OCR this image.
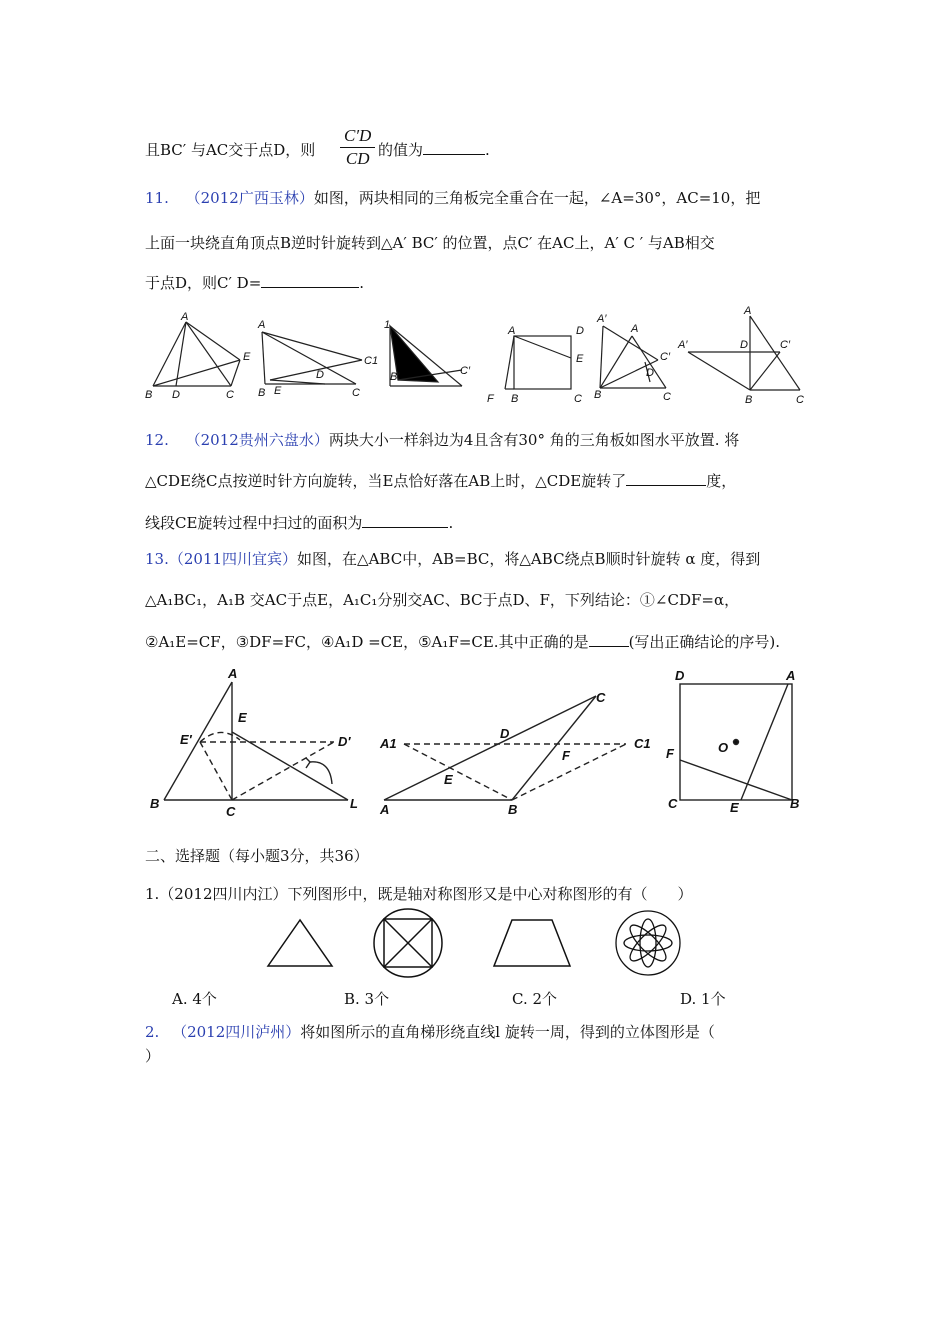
且BC′ 与AC交于点D，则
C′D
CD 的值为	.
11. （2012广西玉林）如图，两块相同的三角板完全重合在一起，∠A=30°，AC=10，把
上面一块绕直角顶点B逆时针旋转到△A′ BC′ 的位置，点C′ 在AC上，A′ C ′ 与AB相交
于点D，则C′ D=	.
A
B D	C
E
A
B
D
C
C1
E
1
B′	C′
A	D
E
F B	C
A′
A
C′
D
B	C
A
A′	D	C′
B	C
12. （2012贵州六盘水）两块大小一样斜边为4且含有30° 角的三角板如图水平放置. 将
△CDE绕C点按逆时针方向旋转，当E点恰好落在AB上时，△CDE旋转了	度，
线段CE旋转过程中扫过的面积为	.
13.（2011四川宜宾）如图，在△ABC中，AB=BC，将△ABC绕点B顺时针旋转 α 度，得到
△A₁BC₁，A₁B 交AC于点E，A₁C₁分别交AC、BC于点D、F，下列结论：①∠CDF=α，
②A₁E=CF，③DF=FC，④A₁D =CE，⑤A₁F=CE.其中正确的是	(写出正确结论的序号).
A
E
E′	D′
B
C
L
C
D
A1	C1
F
E
A	B
D	A
O
F
C	E	B
二、选择题（每小题3分，共36）
1.（2012四川内江）下列图形中，既是轴对称图形又是中心对称图形的有（　　）
A. 4个	B. 3个	C. 2个	D. 1个
2. （2012四川泸州）将如图所示的直角梯形绕直线l 旋转一周，得到的立体图形是（
）
